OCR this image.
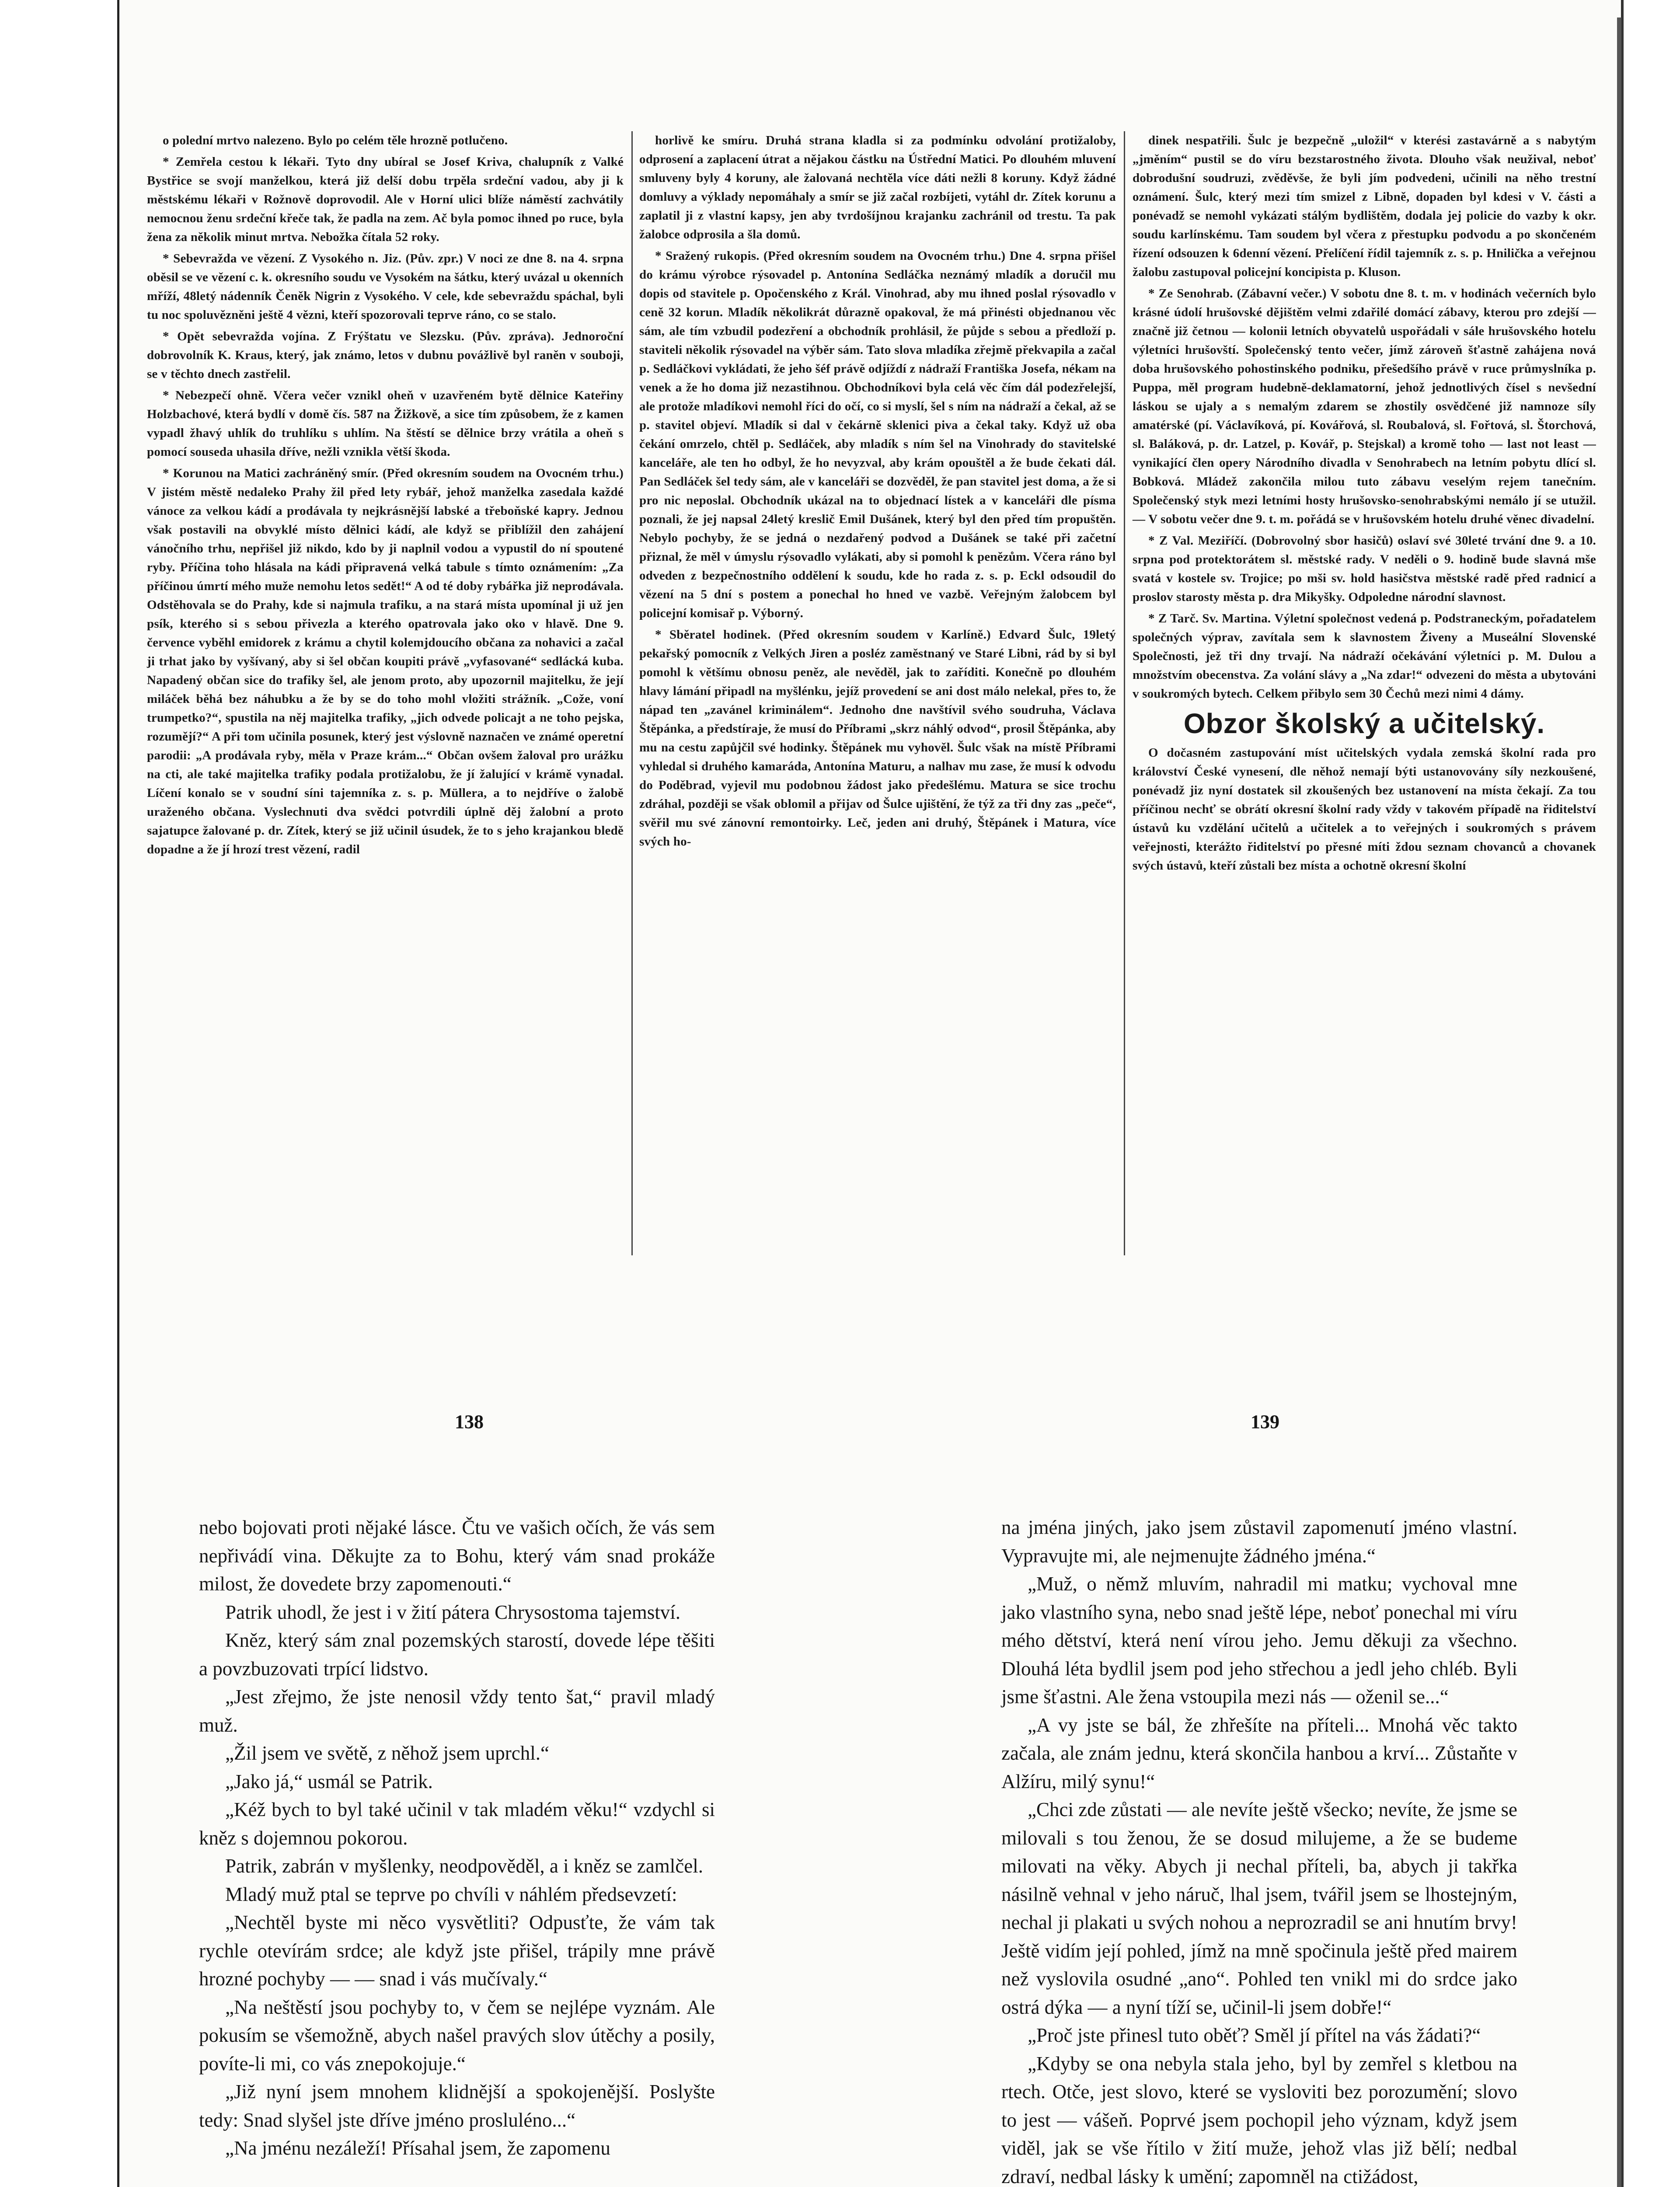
o polední mrtvo nalezeno. Bylo po celém těle hrozně potlučeno.

* Zemřela cestou k lékaři. Tyto dny ubíral se Josef Kriva, chalupník z Valké Bystřice se svojí manželkou, která již delší dobu trpěla srdeční vadou, aby ji k městskému lékaři v Rožnově doprovodil. Ale v Horní ulici blíže náměstí zachvátily nemocnou ženu srdeční křeče tak, že padla na zem. Ač byla pomoc ihned po ruce, byla žena za několik minut mrtva. Nebožka čítala 52 roky.

* Sebevražda ve vězení. Z Vysokého n. Jiz. (Pův. zpr.) V noci ze dne 8. na 4. srpna oběsil se ve vězení c. k. okresního soudu ve Vysokém na šátku, který uvázal u okenních mříží, 48letý nádenník Čeněk Nigrin z Vysokého. V cele, kde sebevraždu spáchal, byli tu noc spoluvězněni ještě 4 vězni, kteří spozorovali teprve ráno, co se stalo.

* Opět sebevražda vojína. Z Frýštatu ve Slezsku. (Pův. zpráva). Jednoroční dobrovolník K. Kraus, který, jak známo, letos v dubnu povážlivě byl raněn v souboji, se v těchto dnech zastřelil.

* Nebezpečí ohně. Včera večer vznikl oheň v uzavřeném bytě dělnice Kateřiny Holzbachové, která bydlí v domě čís. 587 na Žižkově, a sice tím způsobem, že z kamen vypadl žhavý uhlík do truhlíku s uhlím. Na štěstí se dělnice brzy vrátila a oheň s pomocí souseda uhasila dříve, nežli vznikla větší škoda.

* Korunou na Matici zachráněný smír. (Před okresním soudem na Ovocném trhu.) V jistém městě nedaleko Prahy žil před lety rybář, jehož manželka zasedala každé vánoce za velkou kádí a prodávala ty nejkrásnější labské a třeboňské kapry. Jednou však postavili na obvyklé místo dělnici kádí, ale když se přiblížil den zahájení vánočního trhu, nepřišel již nikdo, kdo by ji naplnil vodou a vypustil do ní spoutené ryby. Příčina toho hlásala na kádi připravená velká tabule s tímto oznámením: „Za příčinou úmrtí mého muže nemohu letos sedět!“ A od té doby rybářka již neprodávala. Odstěhovala se do Prahy, kde si najmula trafiku, a na stará místa upomínal ji už jen psík, kterého si s sebou přivezla a kterého opatrovala jako oko v hlavě. Dne 9. července vyběhl emidorek z krámu a chytil kolemjdoucího občana za nohavici a začal ji trhat jako by vyšívaný, aby si šel občan koupiti právě „vyfasované“ sedlácká kuba. Napadený občan sice do trafiky šel, ale jenom proto, aby upozornil majitelku, že její miláček běhá bez náhubku a že by se do toho mohl vložiti strážník. „Cože, voní trumpetko?“, spustila na něj majitelka trafiky, „jich odvede policajt a ne toho pejska, rozumějí?“ A při tom učinila posunek, který jest výslovně naznačen ve známé operetní parodii: „A prodávala ryby, měla v Praze krám...“ Občan ovšem žaloval pro urážku na cti, ale také majitelka trafiky podala protižalobu, že jí žalující v krámě vynadal. Líčení konalo se v soudní síni tajemníka z. s. p. Müllera, a to nejdříve o žalobě uraženého občana. Vyslechnuti dva svědci potvrdili úplně děj žalobní a proto sajatupce žalované p. dr. Zítek, který se již učinil úsudek, že to s jeho krajankou bledě dopadne a že jí hrozí trest vězení, radil

horlivě ke smíru. Druhá strana kladla si za podmínku odvolání protižaloby, odprosení a zaplacení útrat a nějakou částku na Ústřední Matici. Po dlouhém mluvení smluveny byly 4 koruny, ale žalovaná nechtěla více dáti nežli 8 koruny. Když žádné domluvy a výklady nepomáhaly a smír se již začal rozbíjeti, vytáhl dr. Zítek korunu a zaplatil ji z vlastní kapsy, jen aby tvrdošíjnou krajanku zachránil od trestu. Ta pak žalobce odprosila a šla domů.

* Sražený rukopis. (Před okresním soudem na Ovocném trhu.) Dne 4. srpna přišel do krámu výrobce rýsovadel p. Antonína Sedláčka neznámý mladík a doručil mu dopis od stavitele p. Opočenského z Král. Vinohrad, aby mu ihned poslal rýsovadlo v ceně 32 korun. Mladík několikrát důrazně opakoval, že má přinésti objednanou věc sám, ale tím vzbudil podezření a obchodník prohlásil, že půjde s sebou a předloží p. staviteli několik rýsovadel na výběr sám. Tato slova mladíka zřejmě překvapila a začal p. Sedláčkovi vykládati, že jeho šéf právě odjíždí z nádraží Františka Josefa, nékam na venek a že ho doma již nezastihnou. Obchodníkovi byla celá věc čím dál podezřelejší, ale protože mladíkovi nemohl říci do očí, co si myslí, šel s ním na nádraží a čekal, až se p. stavitel objeví. Mladík si dal v čekárně sklenici piva a čekal taky. Když už oba čekání omrzelo, chtěl p. Sedláček, aby mladík s ním šel na Vinohrady do stavitelské kanceláře, ale ten ho odbyl, že ho nevyzval, aby krám opouštěl a že bude čekati dál. Pan Sedláček šel tedy sám, ale v kanceláři se dozvěděl, že pan stavitel jest doma, a že si pro nic neposlal. Obchodník ukázal na to objednací lístek a v kanceláři dle písma poznali, že jej napsal 24letý kreslič Emil Dušánek, který byl den před tím propuštěn. Nebylo pochyby, že se jedná o nezdařený podvod a Dušánek se také při začetní přiznal, že měl v úmyslu rýsovadlo vylákati, aby si pomohl k penězům. Včera ráno byl odveden z bezpečnostního oddělení k soudu, kde ho rada z. s. p. Eckl odsoudil do vězení na 5 dní s postem a ponechal ho hned ve vazbě. Veřejným žalobcem byl policejní komisař p. Výborný.

* Sběratel hodinek. (Před okresním soudem v Karlíně.) Edvard Šulc, 19letý pekařský pomocník z Velkých Jiren a posléz zaměstnaný ve Staré Libni, rád by si byl pomohl k většímu obnosu peněz, ale nevěděl, jak to zaříditi. Konečně po dlouhém hlavy lámání připadl na myšlénku, jejíž provedení se ani dost málo nelekal, přes to, že nápad ten „zavánel kriminálem“. Jednoho dne navštívil svého soudruha, Václava Štěpánka, a předstíraje, že musí do Příbrami „skrz náhlý odvod“, prosil Štěpánka, aby mu na cestu zapůjčil své hodinky. Štěpánek mu vyhověl. Šulc však na místě Příbrami vyhledal si druhého kamaráda, Antonína Maturu, a nalhav mu zase, že musí k odvodu do Poděbrad, vyjevil mu podobnou žádost jako předešlému. Matura se sice trochu zdráhal, později se však oblomil a přijav od Šulce ujištění, že týž za tři dny zas „peče“, svěřil mu své zánovní remontoirky. Leč, jeden ani druhý, Štěpánek i Matura, více svých ho-

dinek nespatřili. Šulc je bezpečně „uložil“ v kterési zastavárně a s nabytým „jměním“ pustil se do víru bezstarostného života. Dlouho však neužival, neboť dobrodušní soudruzi, zvěděvše, že byli jím podvedeni, učinili na něho trestní oznámení. Šulc, který mezi tím smizel z Libně, dopaden byl kdesi v V. části a ponévadž se nemohl vykázati stálým bydlištěm, dodala jej policie do vazby k okr. soudu karlínskému. Tam soudem byl včera z přestupku podvodu a po skončeném řízení odsouzen k 6denní vězení. Přelíčení řídil tajemník z. s. p. Hnilička a veřejnou žalobu zastupoval policejní koncipista p. Kluson.

* Ze Senohrab. (Zábavní večer.) V sobotu dne 8. t. m. v hodinách večerních bylo krásné údolí hrušovské dějištěm velmi zdařilé domácí zábavy, kterou pro zdejší — značně již četnou — kolonii letních obyvatelů uspořádali v sále hrušovského hotelu výletníci hrušovští. Společenský tento večer, jímž zároveň šťastně zahájena nová doba hrušovského pohostinského podniku, přešedšího právě v ruce průmyslníka p. Puppa, měl program hudebně-deklamatorní, jehož jednotlivých čísel s nevšední láskou se ujaly a s nemalým zdarem se zhostily osvědčené již namnoze síly amatérské (pí. Václavíková, pí. Kovářová, sl. Roubalová, sl. Fořtová, sl. Štorchová, sl. Baláková, p. dr. Latzel, p. Kovář, p. Stejskal) a kromě toho — last not least — vynikající člen opery Národního divadla v Senohrabech na letním pobytu dlící sl. Bobková. Mládež zakončila milou tuto zábavu veselým rejem tanečním. Společenský styk mezi letními hosty hrušovsko-senohrabskými nemálo jí se utužil. — V sobotu večer dne 9. t. m. pořádá se v hrušovském hotelu druhé věnec divadelní.

* Z Val. Meziříčí. (Dobrovolný sbor hasičů) oslaví své 30leté trvání dne 9. a 10. srpna pod protektorátem sl. městské rady. V neděli o 9. hodině bude slavná mše svatá v kostele sv. Trojice; po mši sv. hold hasičstva městské radě před radnicí a proslov starosty města p. dra Mikyšky. Odpoledne národní slavnost.

* Z Tarč. Sv. Martina. Výletní společnost vedená p. Podstraneckým, pořadatelem společných výprav, zavítala sem k slavnostem Živeny a Museální Slovenské Společnosti, jež tři dny trvají. Na nádraží očekávání výletníci p. M. Dulou a množstvím obecenstva. Za volání slávy a „Na zdar!“ odvezeni do města a ubytováni v soukromých bytech. Celkem přibylo sem 30 Čechů mezi nimi 4 dámy.

Obzor školský a učitelský.

O dočasném zastupování míst učitelských vydala zemská školní rada pro království České vynesení, dle něhož nemají býti ustanovovány síly nezkoušené, ponévadž jiz nyní dostatek sil zkoušených bez ustanovení na místa čekají. Za tou příčinou nechť se obrátí okresní školní rady vždy v takovém případě na řiditelství ústavů ku vzdělání učitelů a učitelek a to veřejných i soukromých s právem veřejnosti, kterážto řiditelství po přesné míti ždou seznam chovanců a chovanek svých ústavů, kteří zůstali bez místa a ochotně okresní školní

138	139

nebo bojovati proti nějaké lásce. Čtu ve vašich očích, že vás sem nepřivádí vina. Děkujte za to Bohu, který vám snad prokáže milost, že dovedete brzy zapomenouti.“

Patrik uhodl, že jest i v žití pátera Chrysostoma tajemství.

Kněz, který sám znal pozemských starostí, dovede lépe těšiti a povzbuzovati trpící lidstvo.

„Jest zřejmo, že jste nenosil vždy tento šat,“ pravil mladý muž.

„Žil jsem ve světě, z něhož jsem uprchl.“

„Jako já,“ usmál se Patrik.

„Kéž bych to byl také učinil v tak mladém věku!“ vzdychl si kněz s dojemnou pokorou.

Patrik, zabrán v myšlenky, neodpověděl, a i kněz se zamlčel.

Mladý muž ptal se teprve po chvíli v náhlém předsevzetí:

„Nechtěl byste mi něco vysvětliti? Odpusťte, že vám tak rychle otevírám srdce; ale když jste přišel, trápily mne právě hrozné pochyby — — snad i vás mučívaly.“

„Na neštěstí jsou pochyby to, v čem se nejlépe vyznám. Ale pokusím se všemožně, abych našel pravých slov útěchy a posily, povíte-li mi, co vás znepokojuje.“

„Již nyní jsem mnohem klidnější a spokojenější. Poslyšte tedy: Snad slyšel jste dříve jméno prosluléno...“

„Na jménu nezáleží! Přísahal jsem, že zapomenu

na jména jiných, jako jsem zůstavil zapomenutí jméno vlastní. Vypravujte mi, ale nejmenujte žádného jména.“

„Muž, o němž mluvím, nahradil mi matku; vychoval mne jako vlastního syna, nebo snad ještě lépe, neboť ponechal mi víru mého dětství, která není vírou jeho. Jemu děkuji za všechno. Dlouhá léta bydlil jsem pod jeho střechou a jedl jeho chléb. Byli jsme šťastni. Ale žena vstoupila mezi nás — oženil se...“

„A vy jste se bál, že zhřešíte na příteli... Mnohá věc takto začala, ale znám jednu, která skončila hanbou a krví... Zůstaňte v Alžíru, milý synu!“

„Chci zde zůstati — ale nevíte ještě všecko; nevíte, že jsme se milovali s tou ženou, že se dosud milujeme, a že se budeme milovati na věky. Abych ji nechal příteli, ba, abych ji takřka násilně vehnal v jeho náruč, lhal jsem, tvářil jsem se lhostejným, nechal ji plakati u svých nohou a neprozradil se ani hnutím brvy! Ještě vidím její pohled, jímž na mně spočinula ještě před mairem než vyslovila osudné „ano“. Pohled ten vnikl mi do srdce jako ostrá dýka — a nyní tíží se, učinil-li jsem dobře!“

„Proč jste přinesl tuto oběť? Směl jí přítel na vás žádati?“

„Kdyby se ona nebyla stala jeho, byl by zemřel s kletbou na rtech. Otče, jest slovo, které se vysloviti bez porozumění; slovo to jest — vášeň. Poprvé jsem pochopil jeho význam, když jsem viděl, jak se vše řítilo v žití muže, jehož vlas již bělí; nedbal zdraví, nedbal lásky k umění; zapomněl na ctižádost,
